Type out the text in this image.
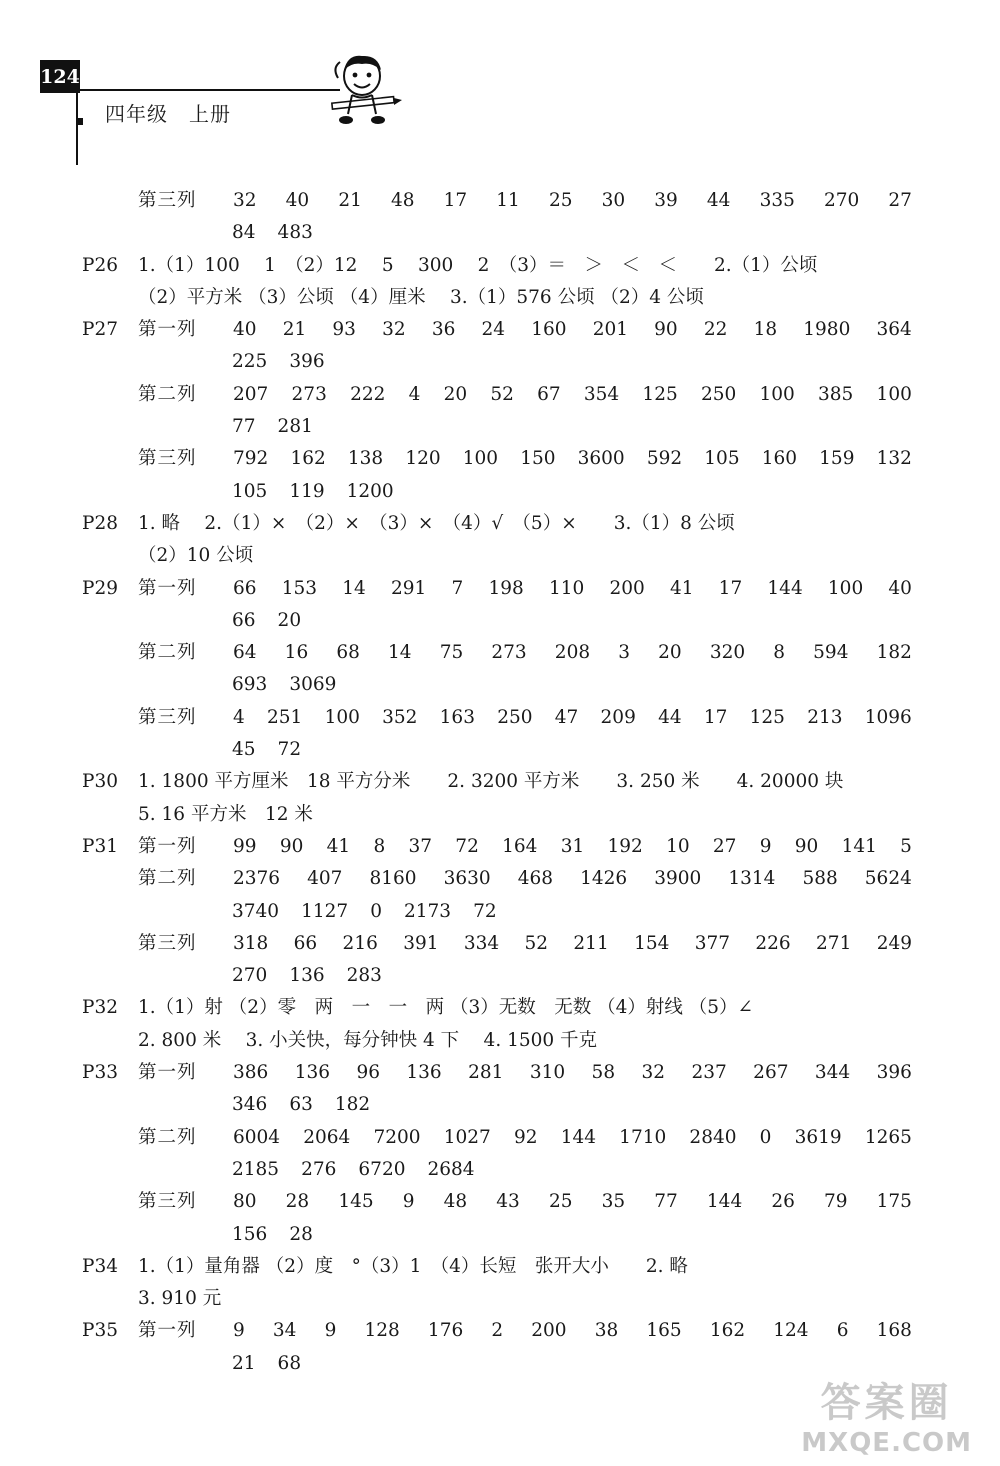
124
四年级　上册
第三列	32 40 21 48 17 11 25 30 39 44 335 270 27
84 483
P26	1.（1）100　 1　（2）12　 5　 300　 2　（3）＝　＞　＜　＜　　2.（1）公顷
（2）平方米 （3）公顷 （4）厘米 　3.（1）576 公顷 （2）4 公顷
P27	第一列	40 21 93 32 36 24 160 201 90 22 18 1980 364
225 396
第二列	207 273 222 4 20 52 67 354 125 250 100 385 100
77 281
第三列	792 162 138 120 100 150 3600 592 105 160 159 132
105 119 1200
P28	1. 略　 2.（1）×　（2）×　（3）×　（4）√　（5）×　　3.（1）8 公顷
（2）10 公顷
P29	第一列	66 153 14 291 7 198 110 200 41 17 144 100 40
66 20
第二列	64 16 68 14 75 273 208 3 20 320 8 594 182
693 3069
第三列	4 251 100 352 163 250 47 209 44 17 125 213 1096
45 72
P30	1. 1800 平方厘米　18 平方分米　　2. 3200 平方米　　3. 250 米　　4. 20000 块
5. 16 平方米　12 米
P31	第一列	99 90 41 8 37 72 164 31 192 10 27 9 90 141 5
第二列	2376 407 8160 3630 468 1426 3900 1314 588 5624
3740 1127 0 2173 72
第三列	318 66 216 391 334 52 211 154 377 226 271 249
270 136 283
P32	1.（1）射 （2）零　两　一　一　两 （3）无数　无数 （4）射线 （5）∠
2. 800 米　 3. 小关快，每分钟快 4 下　 4. 1500 千克
P33	第一列	386 136 96 136 281 310 58 32 237 267 344 396
346 63 182
第二列	6004 2064 7200 1027 92 144 1710 2840 0 3619 1265
2185 276 6720 2684
第三列	80 28 145 9 48 43 25 35 77 144 26 79 175
156 28
P34	1.（1）量角器 （2）度　°（3）1　（4）长短　张开大小　　2. 略
3. 910 元
P35	第一列	9 34 9 128 176 2 200 38 165 162 124 6 168
21 68
答案圈
MXQE.COM
